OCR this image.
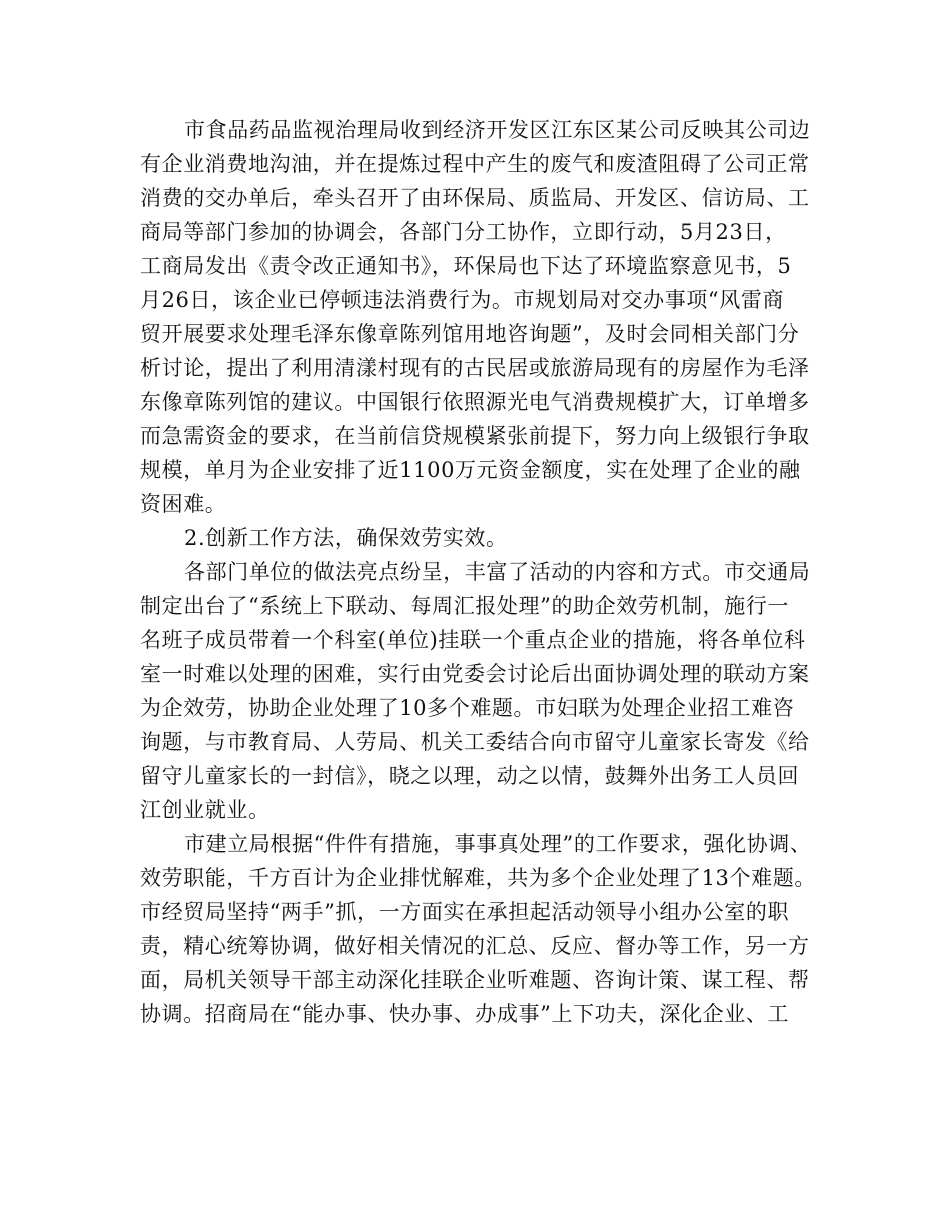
市食品药品监视治理局收到经济开发区江东区某公司反映其公司边
有企业消费地沟油，并在提炼过程中产生的废气和废渣阻碍了公司正常
消费的交办单后，牵头召开了由环保局、质监局、开发区、信访局、工
商局等部门参加的协调会，各部门分工协作，立即行动，5月23日，
工商局发出《责令改正通知书》，环保局也下达了环境监察意见书，5
月26日，该企业已停顿违法消费行为。市规划局对交办事项“风雷商
贸开展要求处理毛泽东像章陈列馆用地咨询题”，及时会同相关部门分
析讨论，提出了利用清漾村现有的古民居或旅游局现有的房屋作为毛泽
东像章陈列馆的建议。中国银行依照源光电气消费规模扩大，订单增多
而急需资金的要求，在当前信贷规模紧张前提下，努力向上级银行争取
规模，单月为企业安排了近1100万元资金额度，实在处理了企业的融
资困难。
2.创新工作方法，确保效劳实效。
各部门单位的做法亮点纷呈，丰富了活动的内容和方式。市交通局
制定出台了“系统上下联动、每周汇报处理”的助企效劳机制，施行一
名班子成员带着一个科室(单位)挂联一个重点企业的措施，将各单位科
室一时难以处理的困难，实行由党委会讨论后出面协调处理的联动方案
为企效劳，协助企业处理了10多个难题。市妇联为处理企业招工难咨
询题，与市教育局、人劳局、机关工委结合向市留守儿童家长寄发《给
留守儿童家长的一封信》，晓之以理，动之以情，鼓舞外出务工人员回
江创业就业。
市建立局根据“件件有措施，事事真处理”的工作要求，强化协调、
效劳职能，千方百计为企业排忧解难，共为多个企业处理了13个难题。
市经贸局坚持“两手”抓，一方面实在承担起活动领导小组办公室的职
责，精心统筹协调，做好相关情况的汇总、反应、督办等工作，另一方
面，局机关领导干部主动深化挂联企业听难题、咨询计策、谋工程、帮
协调。招商局在“能办事、快办事、办成事”上下功夫，深化企业、工
